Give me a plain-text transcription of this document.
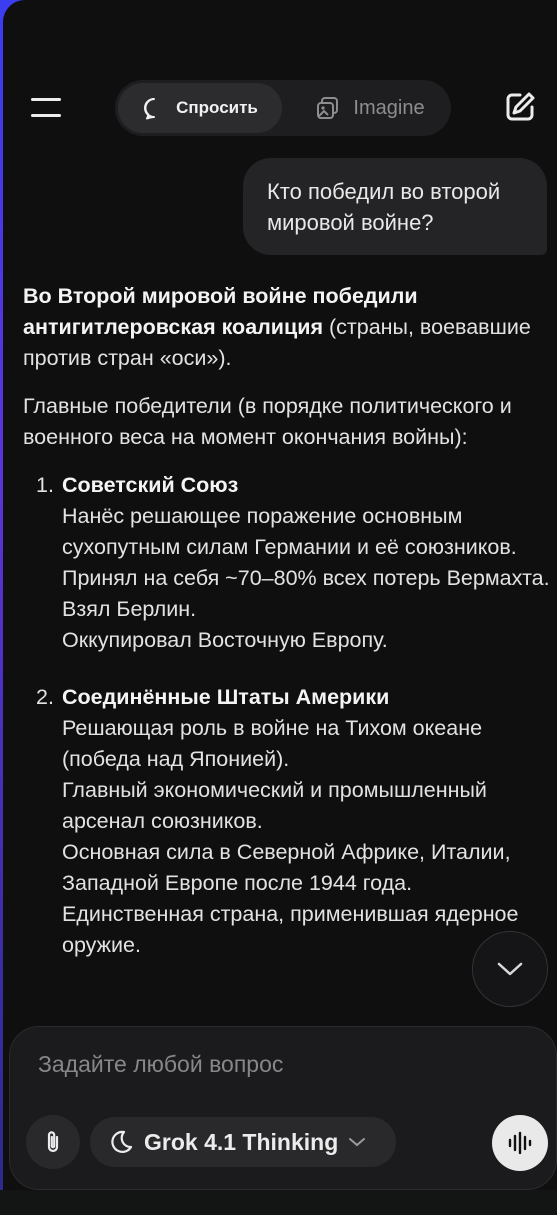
Спросить	Imagine
Кто победил во второй мировой войне?

Во Второй мировой войне победили антигитлеровская коалиция (страны, воевавшие против стран «оси»).

Главные победители (в порядке политического и военного веса на момент окончания войны):

1. Советский Союз
Нанёс решающее поражение основным сухопутным силам Германии и её союзников.
Принял на себя ~70–80% всех потерь Вермахта.
Взял Берлин.
Оккупировал Восточную Европу.
2. Соединённые Штаты Америки
Решающая роль в войне на Тихом океане (победа над Японией).
Главный экономический и промышленный арсенал союзников.
Основная сила в Северной Африке, Италии, Западной Европе после 1944 года.
Единственная страна, применившая ядерное оружие.
Задайте любой вопрос
Grok 4.1 Thinking
